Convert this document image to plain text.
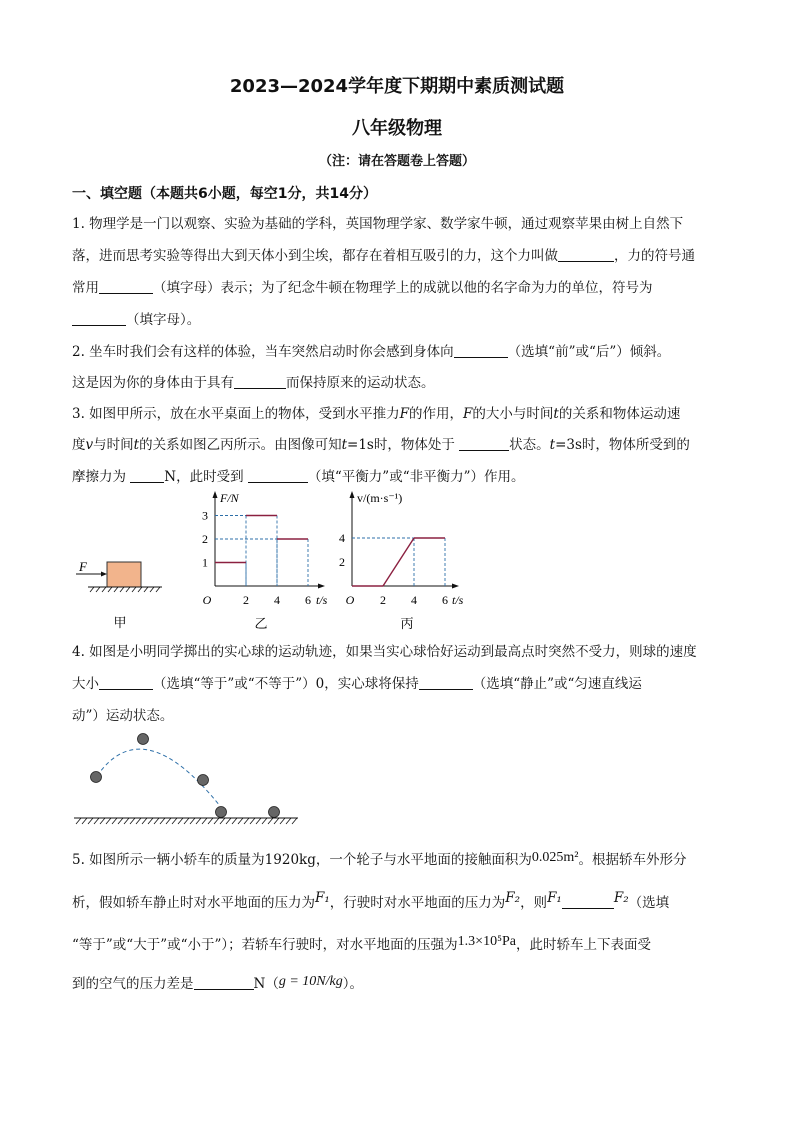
2023—2024学年度下期期中素质测试题
八年级物理
（注：请在答题卷上答题）
一、填空题（本题共6小题，每空1分，共14分）
1. 物理学是一门以观察、实验为基础的学科，英国物理学家、数学家牛顿，通过观察苹果由树上自然下
落，进而思考实验等得出大到天体小到尘埃，都存在着相互吸引的力，这个力叫做	，力的符号通
常用	（填字母）表示；为了纪念牛顿在物理学上的成就以他的名字命为力的单位，符号为
（填字母）。
2. 坐车时我们会有这样的体验，当车突然启动时你会感到身体向	（选填“前”或“后”）倾斜。
这是因为你的身体由于具有	而保持原来的运动状态。
3. 如图甲所示，放在水平桌面上的物体，受到水平推力F的作用，F的大小与时间t的关系和物体运动速
度v与时间t的关系如图乙丙所示。由图像可知t=1s时，物体处于	状态。t=3s时，物体所受到的
摩擦力为	N，此时受到	（填“平衡力”或“非平衡力”）作用。
F
甲
F/N
t/s
O	2 4 6
1
2
3
乙
v/(m·s⁻¹)
t/s
O 2 4 6
2
4
丙
4. 如图是小明同学掷出的实心球的运动轨迹，如果当实心球恰好运动到最高点时突然不受力，则球的速度
大小	（选填“等于”或“不等于”）0，实心球将保持	（选填“静止”或“匀速直线运
动”）运动状态。
5. 如图所示一辆小轿车的质量为1920kg，一个轮子与水平地面的接触面积为0.025m²。根据轿车外形分
析，假如轿车静止时对水平地面的压力为F₁，行驶时对水平地面的压力为F₂，则F₁	F₂（选填
“等于”或“大于”或“小于”）；若轿车行驶时，对水平地面的压强为1.3×10⁵Pa，此时轿车上下表面受
到的空气的压力差是	N（g = 10N/kg）。
